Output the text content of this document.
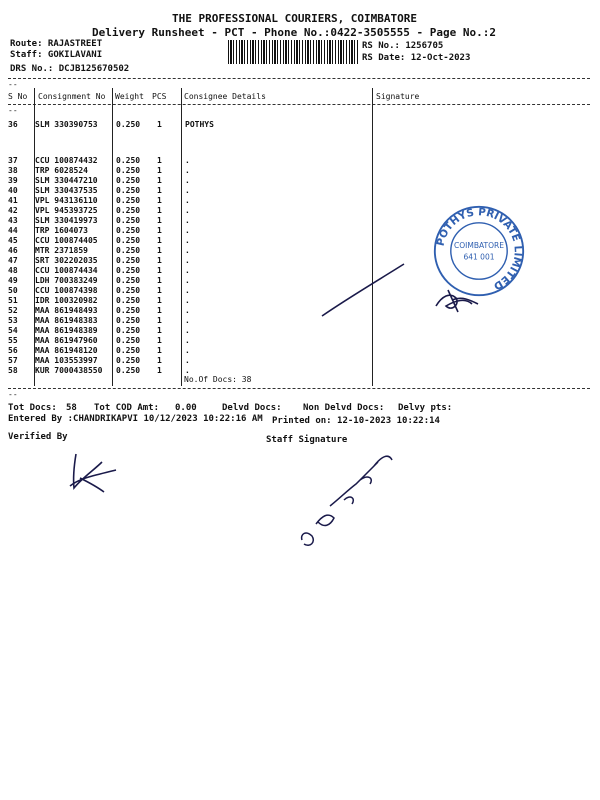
THE PROFESSIONAL COURIERS, COIMBATORE
Delivery Runsheet - PCT - Phone No.:0422-3505555 - Page No.:2
Route: RAJASTREET
Staff: GOKILAVANI
DRS No.: DCJB125670502
RS No.: 1256705
RS Date: 12-Oct-2023
--
S No Consignment No Weight PCS Consignee Details	Signature
--
36 SLM 330390753 0.250 1	POTHYS
37 CCU 100874432 0.250 1	.
38 TRP 6028524	0.250 1	.
39 SLM 330447210 0.250 1	.
40 SLM 330437535 0.250 1	.
41 VPL 943136110 0.250 1	.
42 VPL 945393725 0.250 1	.
43 SLM 330419973 0.250 1	.
44 TRP 1604073	0.250 1	.
45 CCU 100874405 0.250 1	.
46 MTR 2371859	0.250 1	.
47 SRT 302202035 0.250 1	.
48 CCU 100874434 0.250 1	.
49 LDH 700383249 0.250 1	.
50 CCU 100874398 0.250 1	.
51 IDR 100320982 0.250 1	.
52 MAA 861948493 0.250 1	.
53 MAA 861948383 0.250 1	.
54 MAA 861948389 0.250 1	.
55 MAA 861947960 0.250 1	.
56 MAA 861948120 0.250 1	.
57 MAA 103553997 0.250 1	.
58 KUR 7000438550 0.250 1	.
No.Of Docs: 38
--
Tot Docs: 58 Tot COD Amt: 0.00	Delvd Docs: Non Delvd Docs: Delvy pts:
Entered By :CHANDRIKAPVI 10/12/2023 10:22:16 AM Printed on: 12-10-2023 10:22:14
Verified By	Staff Signature
POTHYS PRIVATE LIMITED
COIMBATORE
641 001
